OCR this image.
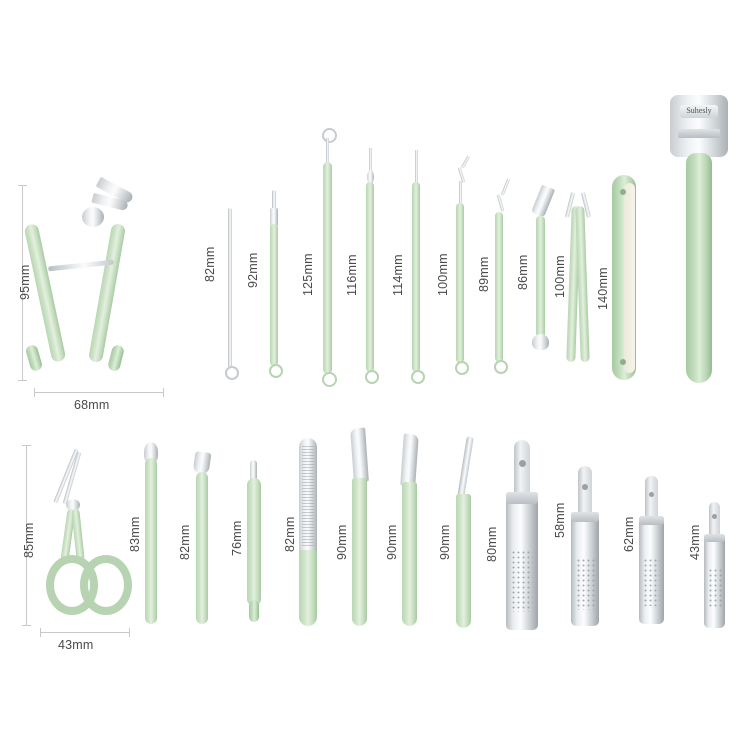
95mm
68mm
82mm 92mm	125mm 116mm	114mm 100mm 89mm 86mm 100mm 140mm
Suhesly
85mm
43mm
83mm	82mm	76mm	82mm	90mm	90mm	90mm	80mm
58mm	62mm	43mm
